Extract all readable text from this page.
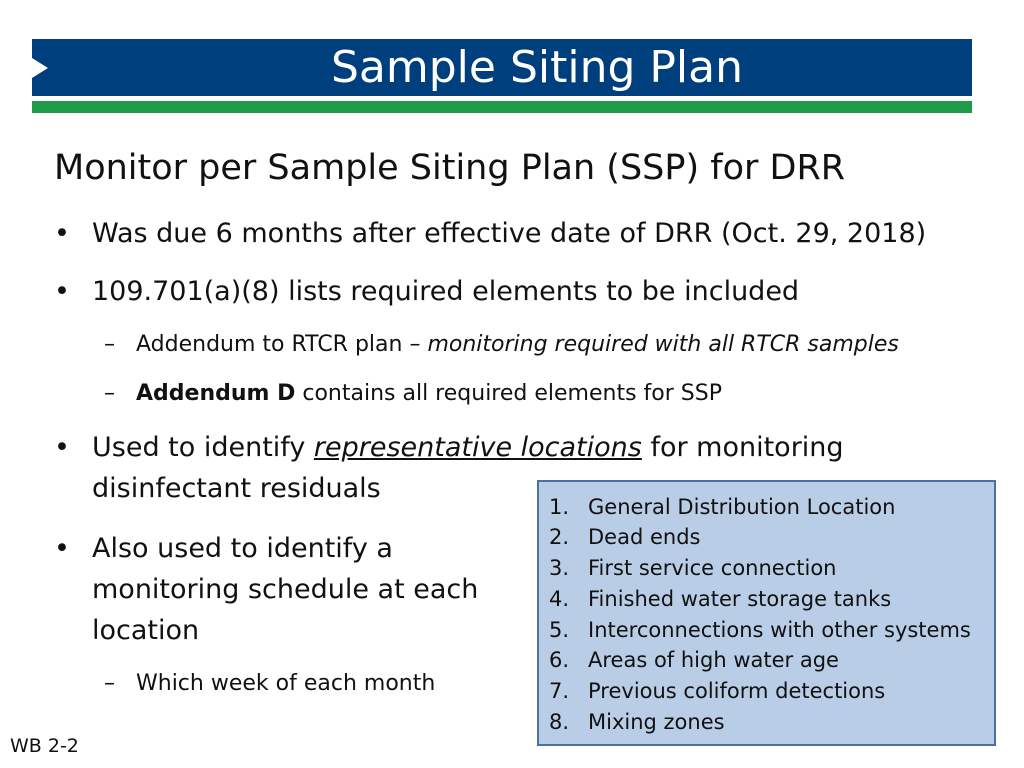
Sample Siting Plan
Monitor per Sample Siting Plan (SSP) for DRR
• Was due 6 months after effective date of DRR (Oct. 29, 2018)
• 109.701(a)(8) lists required elements to be included
– Addendum to RTCR plan – monitoring required with all RTCR samples
– Addendum D contains all required elements for SSP
• Used to identify representative locations for monitoring
disinfectant residuals
• Also used to identify a
monitoring schedule at each
location
– Which week of each month
1. General Distribution Location
2. Dead ends
3. First service connection
4. Finished water storage tanks
5. Interconnections with other systems
6. Areas of high water age
7. Previous coliform detections
8. Mixing zones
WB 2-2
